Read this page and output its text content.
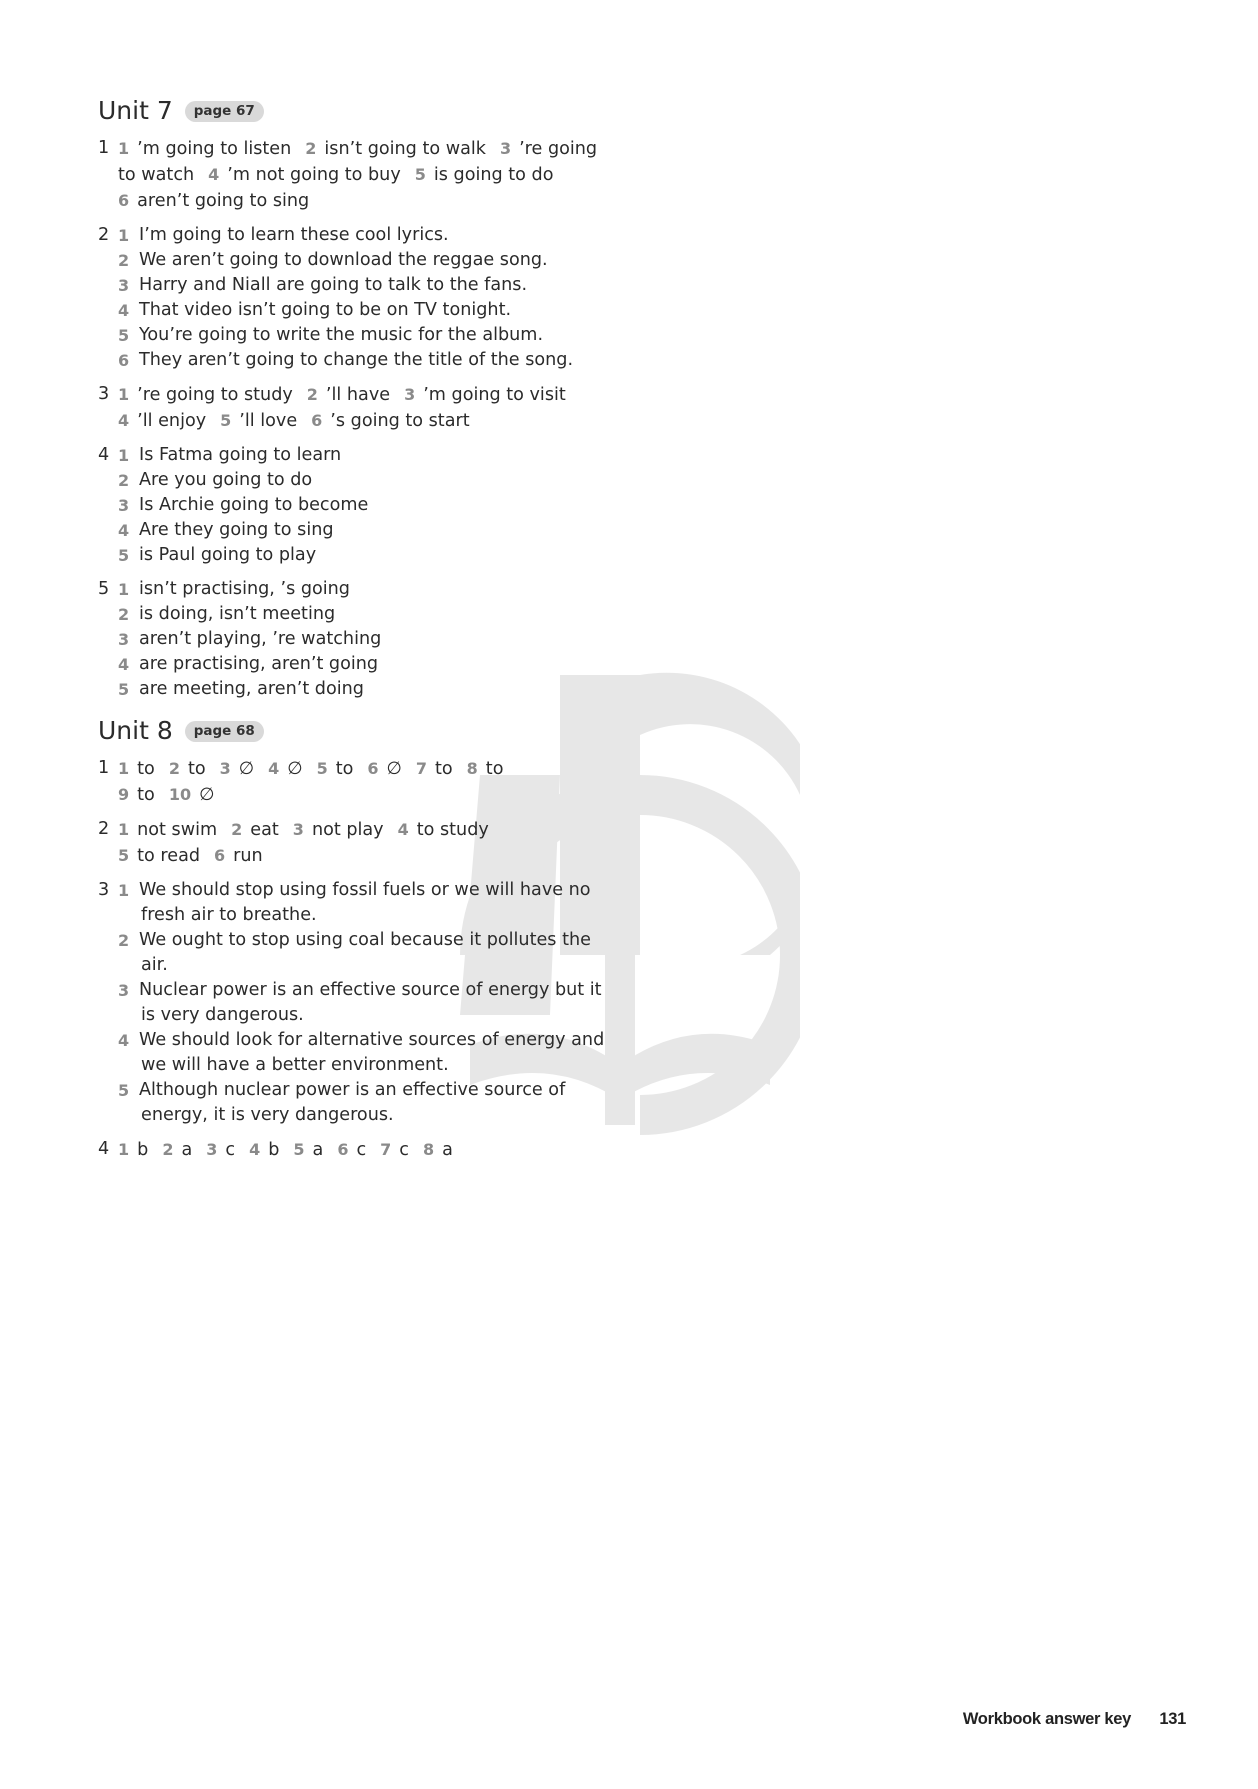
Unit 7	page 67
1 1 ’m going to listen 2 isn’t going to walk 3 ’re going
to watch 4 ’m not going to buy 5 is going to do
6 aren’t going to sing
2 1 I’m going to learn these cool lyrics.
2 We aren’t going to download the reggae song.
3 Harry and Niall are going to talk to the fans.
4 That video isn’t going to be on TV tonight.
5 You’re going to write the music for the album.
6 They aren’t going to change the title of the song.
3 1 ’re going to study 2 ’ll have 3 ’m going to visit
4 ’ll enjoy 5 ’ll love 6 ’s going to start
4 1 Is Fatma going to learn
2 Are you going to do
3 Is Archie going to become
4 Are they going to sing
5 is Paul going to play
5 1 isn’t practising, ’s going
2 is doing, isn’t meeting
3 aren’t playing, ’re watching
4 are practising, aren’t going
5 are meeting, aren’t doing
Unit 8	page 68
1 1 to 2 to 3 ∅ 4 ∅ 5 to 6 ∅ 7 to 8 to
9 to 10 ∅
2 1 not swim 2 eat 3 not play 4 to study
5 to read 6 run
3 1 We should stop using fossil fuels or we will have no
fresh air to breathe.
2 We ought to stop using coal because it pollutes the
air.
3 Nuclear power is an effective source of energy but it
is very dangerous.
4 We should look for alternative sources of energy and
we will have a better environment.
5 Although nuclear power is an effective source of
energy, it is very dangerous.
4 1 b 2 a 3 c 4 b 5 a 6 c 7 c 8 a
Workbook answer key 131
